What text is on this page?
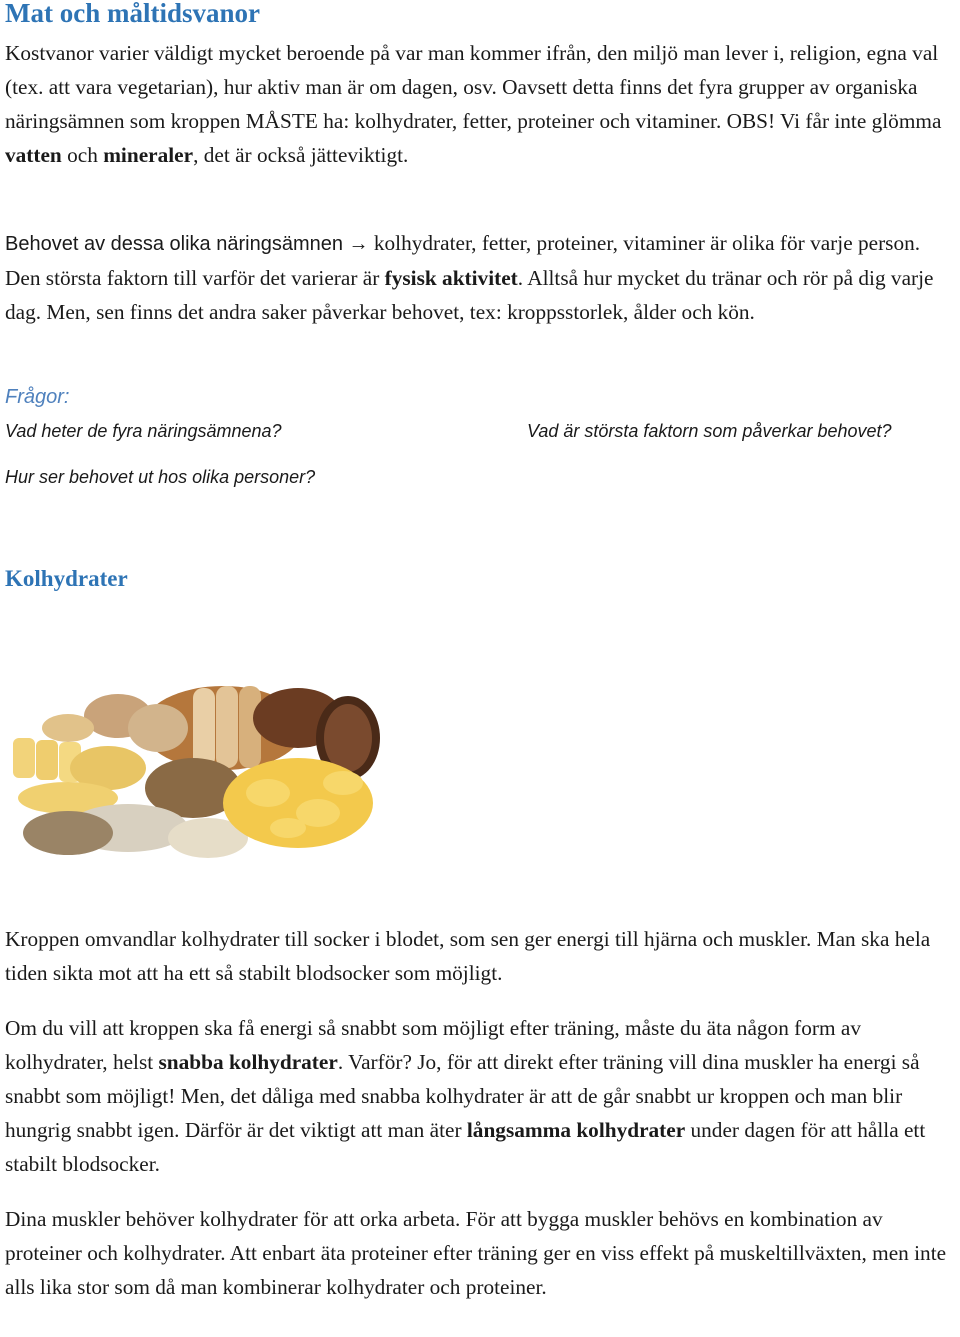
Mat och måltidsvanor
Kostvanor varier väldigt mycket beroende på var man kommer ifrån, den miljö man lever i, religion, egna val (tex. att vara vegetarian), hur aktiv man är om dagen, osv. Oavsett detta finns det fyra grupper av organiska näringsämnen som kroppen MÅSTE ha: kolhydrater, fetter, proteiner och vitaminer. OBS! Vi får inte glömma vatten och mineraler, det är också jätteviktigt.
Behovet av dessa olika näringsämnen → kolhydrater, fetter, proteiner, vitaminer är olika för varje person. Den största faktorn till varför det varierar är fysisk aktivitet. Alltså hur mycket du tränar och rör på dig varje dag. Men, sen finns det andra saker påverkar behovet, tex: kroppsstorlek, ålder och kön.
Frågor:
Vad heter de fyra näringsämnena?	Vad är största faktorn som påverkar behovet?
Hur ser behovet ut hos olika personer?
Kolhydrater
Kroppen omvandlar kolhydrater till socker i blodet, som sen ger energi till hjärna och muskler. Man ska hela tiden sikta mot att ha ett så stabilt blodsocker som möjligt.
Om du vill att kroppen ska få energi så snabbt som möjligt efter träning, måste du äta någon form av kolhydrater, helst snabba kolhydrater. Varför? Jo, för att direkt efter träning vill dina muskler ha energi så snabbt som möjligt! Men, det dåliga med snabba kolhydrater är att de går snabbt ur kroppen och man blir hungrig snabbt igen. Därför är det viktigt att man äter långsamma kolhydrater under dagen för att hålla ett stabilt blodsocker.
Dina muskler behöver kolhydrater för att orka arbeta. För att bygga muskler behövs en kombination av proteiner och kolhydrater. Att enbart äta proteiner efter träning ger en viss effekt på muskeltillväxten, men inte alls lika stor som då man kombinerar kolhydrater och proteiner.
